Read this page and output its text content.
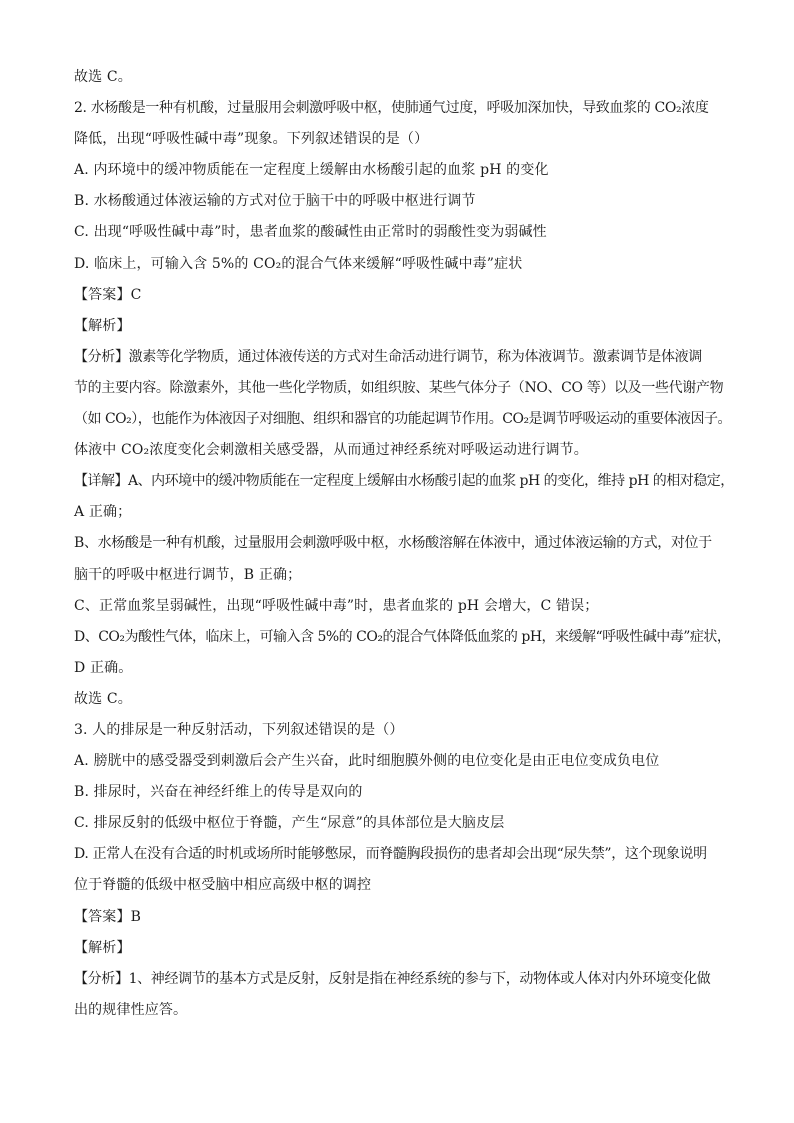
故选 C。
2. 水杨酸是一种有机酸，过量服用会刺激呼吸中枢，使肺通气过度，呼吸加深加快，导致血浆的 CO₂浓度
降低，出现“呼吸性碱中毒”现象。下列叙述错误的是（）
A. 内环境中的缓冲物质能在一定程度上缓解由水杨酸引起的血浆 pH 的变化
B. 水杨酸通过体液运输的方式对位于脑干中的呼吸中枢进行调节
C. 出现“呼吸性碱中毒”时，患者血浆的酸碱性由正常时的弱酸性变为弱碱性
D. 临床上，可输入含 5%的 CO₂的混合气体来缓解“呼吸性碱中毒”症状
【答案】C
【解析】
【分析】激素等化学物质，通过体液传送的方式对生命活动进行调节，称为体液调节。激素调节是体液调
节的主要内容。除激素外，其他一些化学物质，如组织胺、某些气体分子（NO、CO 等）以及一些代谢产物
（如 CO₂），也能作为体液因子对细胞、组织和器官的功能起调节作用。CO₂是调节呼吸运动的重要体液因子。
体液中 CO₂浓度变化会刺激相关感受器，从而通过神经系统对呼吸运动进行调节。
【详解】A、内环境中的缓冲物质能在一定程度上缓解由水杨酸引起的血浆 pH 的变化，维持 pH 的相对稳定，
A 正确；
B、水杨酸是一种有机酸，过量服用会刺激呼吸中枢，水杨酸溶解在体液中，通过体液运输的方式，对位于
脑干的呼吸中枢进行调节，B 正确；
C、正常血浆呈弱碱性，出现“呼吸性碱中毒”时，患者血浆的 pH 会增大，C 错误；
D、CO₂为酸性气体，临床上，可输入含 5%的 CO₂的混合气体降低血浆的 pH，来缓解“呼吸性碱中毒”症状，
D 正确。
故选 C。
3. 人的排尿是一种反射活动，下列叙述错误的是（）
A. 膀胱中的感受器受到刺激后会产生兴奋，此时细胞膜外侧的电位变化是由正电位变成负电位
B. 排尿时，兴奋在神经纤维上的传导是双向的
C. 排尿反射的低级中枢位于脊髓，产生“尿意”的具体部位是大脑皮层
D. 正常人在没有合适的时机或场所时能够憋尿，而脊髓胸段损伤的患者却会出现“尿失禁”，这个现象说明
位于脊髓的低级中枢受脑中相应高级中枢的调控
【答案】B
【解析】
【分析】1、神经调节的基本方式是反射，反射是指在神经系统的参与下，动物体或人体对内外环境变化做
出的规律性应答。
